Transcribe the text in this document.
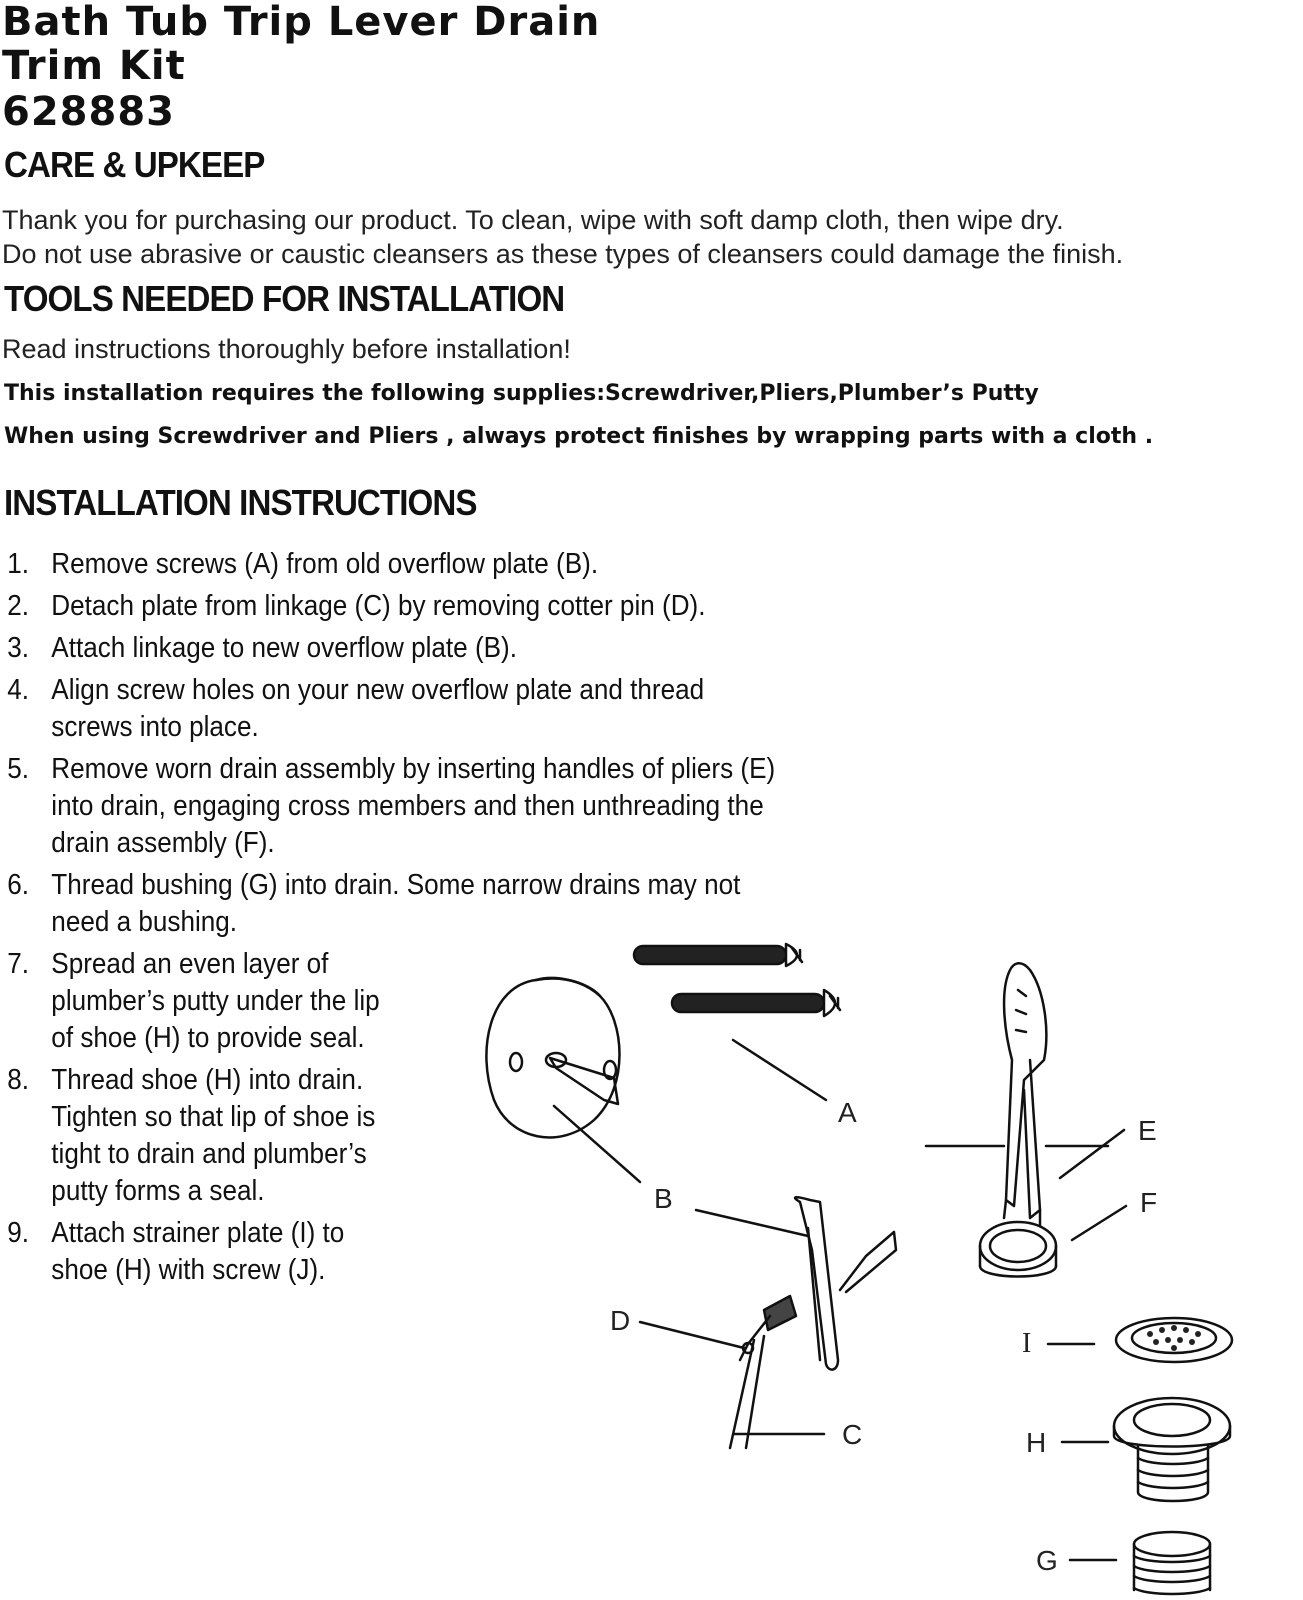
Bath Tub Trip Lever Drain
Trim Kit
628883
CARE & UPKEEP

Thank you for purchasing our product. To clean, wipe with soft damp cloth, then wipe dry.
Do not use abrasive or caustic cleansers as these types of cleansers could damage the finish.

TOOLS NEEDED FOR INSTALLATION

Read instructions thoroughly before installation!

This installation requires the following supplies:Screwdriver,Pliers,Plumber’s Putty

When using Screwdriver and Pliers , always protect finishes by wrapping parts with a cloth .

INSTALLATION INSTRUCTIONS
1. Remove screws (A) from old overflow plate (B).
2. Detach plate from linkage (C) by removing cotter pin (D).
3. Attach linkage to new overflow plate (B).
4. Align screw holes on your new overflow plate and thread
screws into place.
5. Remove worn drain assembly by inserting handles of pliers (E)
into drain, engaging cross members and then unthreading the
drain assembly (F).
6. Thread bushing (G) into drain. Some narrow drains may not
need a bushing.
7. Spread an even layer of
plumber’s putty under the lip
of shoe (H) to provide seal.
8. Thread shoe (H) into drain.
Tighten so that lip of shoe is
tight to drain and plumber’s
putty forms a seal.
9. Attach strainer plate (I) to
shoe (H) with screw (J).
A
B
C
D
E
F
G
H
I
